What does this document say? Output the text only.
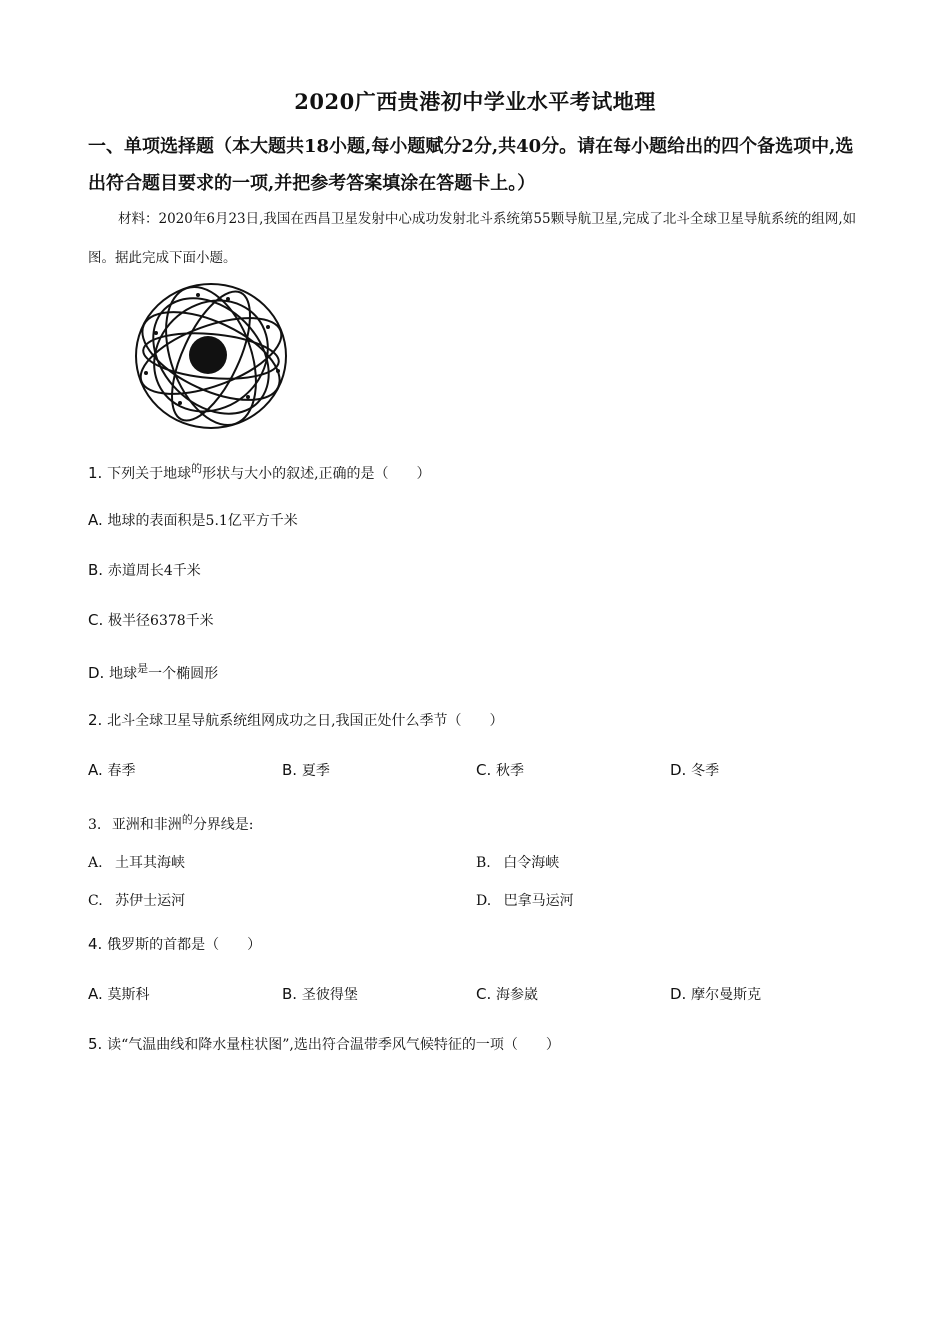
2020广西贵港初中学业水平考试地理
一、单项选择题（本大题共18小题,每小题赋分2分,共40分。请在每小题给出的四个备选项中,选出符合题目要求的一项,并把参考答案填涂在答题卡上。）
材料：2020年6月23日,我国在西昌卫星发射中心成功发射北斗系统第55颗导航卫星,完成了北斗全球卫星导航系统的组网,如图。据此完成下面小题。
1. 下列关于地球$^的$形状与大小的叙述,正确的是（　　）
A. 地球的表面积是5.1亿平方千米
B. 赤道周长4千米
C. 极半径6378千米
D. 地球$^是$一个椭圆形
2. 北斗全球卫星导航系统组网成功之日,我国正处什么季节（　　）
A. 春季	B. 夏季	C. 秋季	D. 冬季
3. 亚洲和非洲$^的$分界线是:
A. 土耳其海峡	B. 白令海峡
C. 苏伊士运河	D. 巴拿马运河
4. 俄罗斯的首都是（　　）
A. 莫斯科	B. 圣彼得堡	C. 海参崴	D. 摩尔曼斯克
5. 读“气温曲线和降水量柱状图”,选出符合温带季风气候特征的一项（　　）
